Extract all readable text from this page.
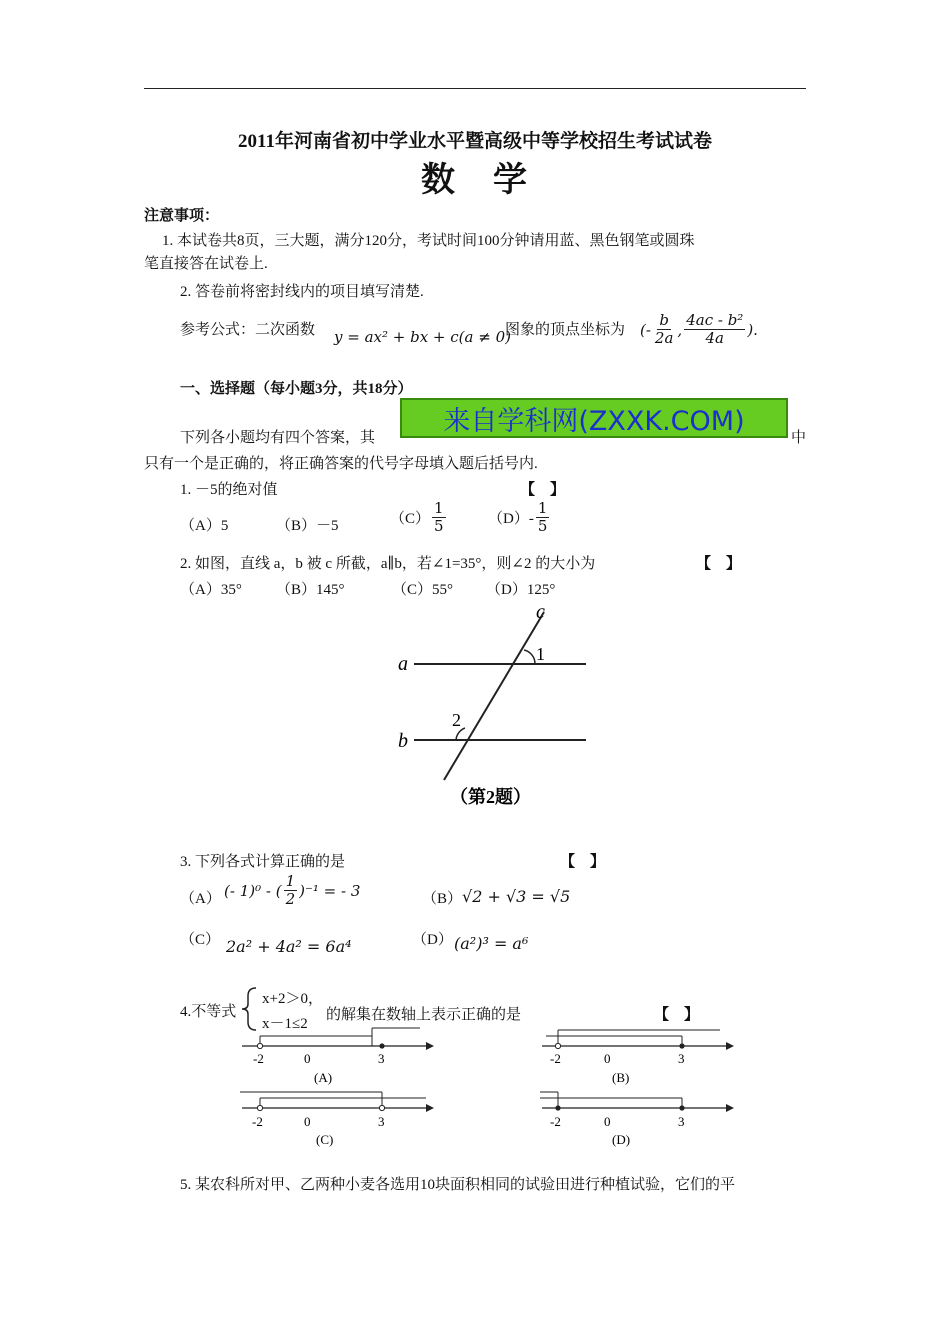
2011年河南省初中学业水平暨高级中等学校招生考试试卷
数　学
注意事项：
1. 本试卷共8页，三大题，满分120分，考试时间100分钟请用蓝、黑色钢笔或圆珠
笔直接答在试卷上.
2. 答卷前将密封线内的项目填写清楚.
参考公式：二次函数 y = ax² + bx + c(a ≠ 0)
图象的顶点坐标为 (- $\frac{b}{2a}$ , $\frac{\text{4ac - b²}}{4a}$ ).
一、选择题（每小题3分，共18分）
下列各小题均有四个答案，其
来自学科网(ZXXK.COM)
中
只有一个是正确的，将正确答案的代号字母填入题后括号内.
1. －5的绝对值	【　】
（A）5	（B）－5	$(C) \frac{1}{5}$	$(D)- \frac{1}{5}$
2. 如图，直线 a，b 被 c 所截，a∥b，若∠1=35°，则∠2 的大小为	【　】
（A）35° （B）145°	（C）55° （D）125°
a
b
c
1
2
（第2题）
3. 下列各式计算正确的是	【　】
（A） (- 1)⁰ - ( $\frac{1}{2} )^{-1}$ = - 3	（B） √2 + √3 = √5
（C） 2a² + 4a² = 6a⁴	（D） (a²)³ = a⁶
4.不等式
x+2＞0，
x－1≤2
的解集在数轴上表示正确的是	【　】
-2	0	3
(A)
-2	0	3
(B)
-2	0	3
(C)
-2	0	3
(D)
5. 某农科所对甲、乙两种小麦各选用10块面积相同的试验田进行种植试验，它们的平
